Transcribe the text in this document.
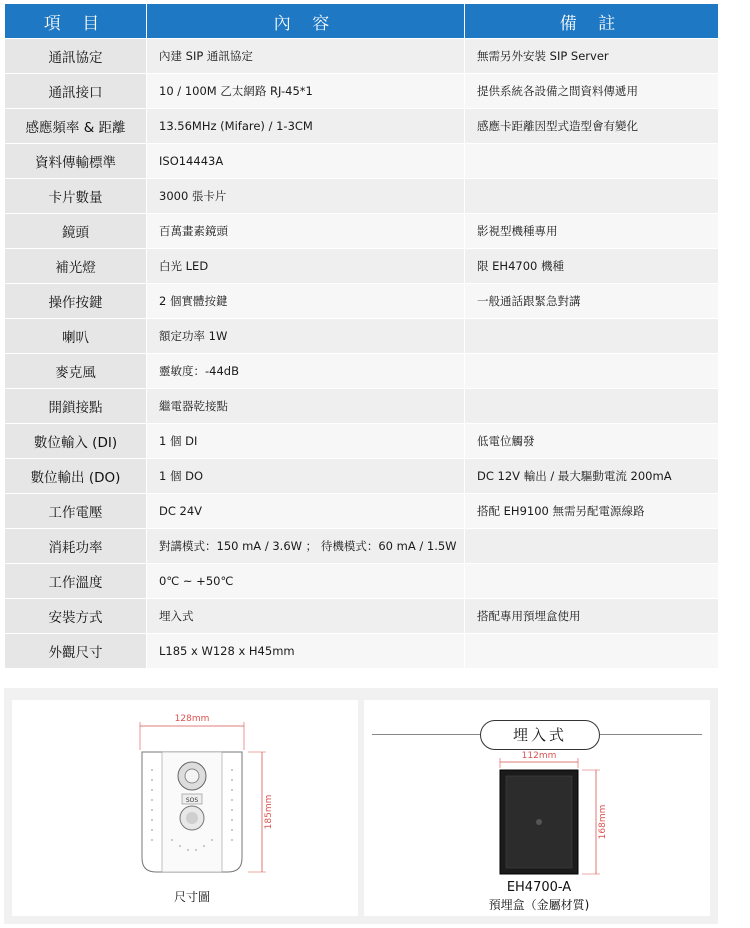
項 目	內 容	備 註
通訊協定	內建 SIP 通訊協定	無需另外安裝 SIP Server
通訊接口	10 / 100M 乙太網路 RJ-45*1	提供系統各設備之間資料傳遞用
感應頻率 & 距離	13.56MHz (Mifare) / 1-3CM	感應卡距離因型式造型會有變化
資料傳輸標準	ISO14443A	
卡片數量	3000 張卡片	
鏡頭	百萬畫素鏡頭	影視型機種專用
補光燈	白光 LED	限 EH4700 機種
操作按鍵	2 個實體按鍵	一般通話跟緊急對講
喇叭	額定功率 1W	
麥克風	靈敏度：-44dB	
開鎖接點	繼電器乾接點	
數位輸入 (DI)	1 個 DI	低電位觸發
數位輸出 (DO)	1 個 DO	DC 12V 輸出 / 最大驅動電流 200mA
工作電壓	DC 24V	搭配 EH9100 無需另配電源線路
消耗功率	對講模式：150 mA / 3.6W ； 待機模式：60 mA / 1.5W	
工作溫度	0℃ ~ +50℃	
安裝方式	埋入式	搭配專用預埋盒使用
外觀尺寸	L185 x W128 x H45mm	
128mm
SOS	185mm
尺寸圖
埋入式
112mm
168mm
EH4700-A
預埋盒（金屬材質)
